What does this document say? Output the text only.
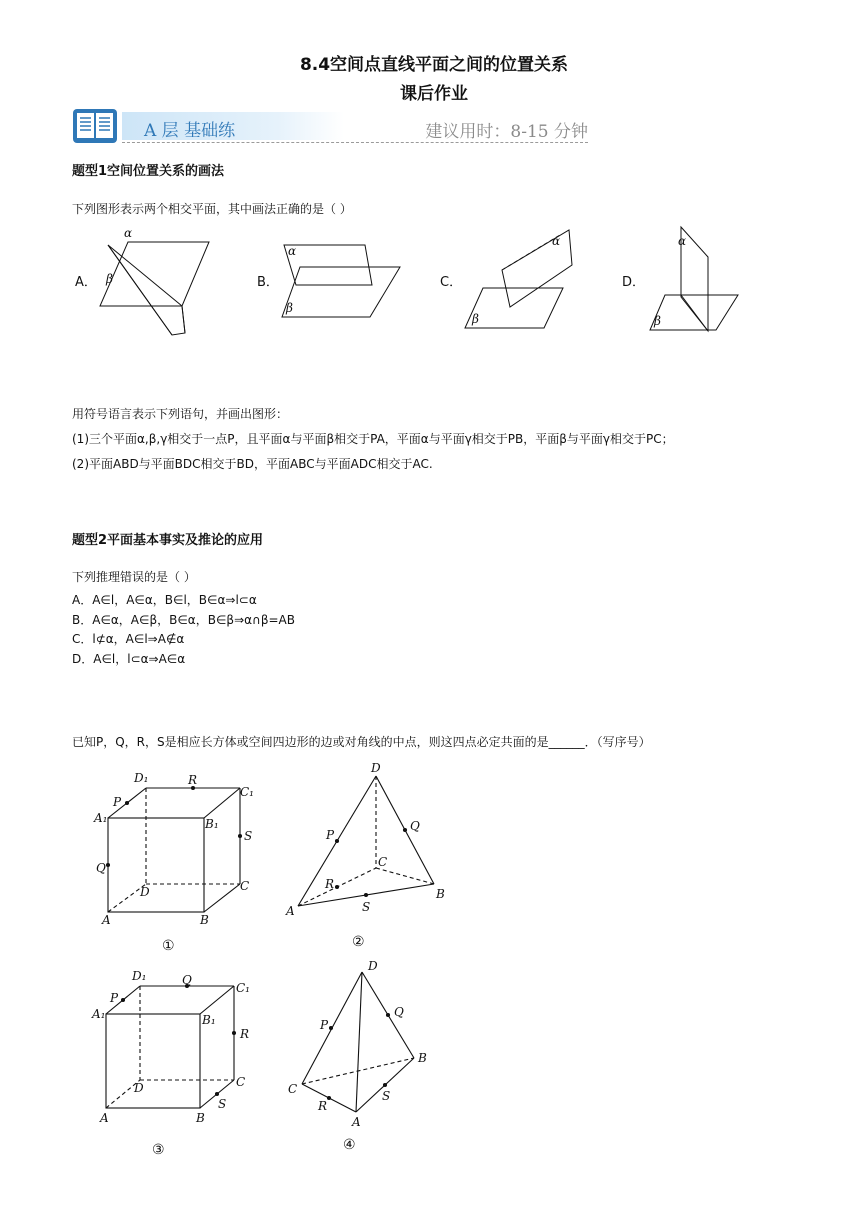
8.4空间点直线平面之间的位置关系
课后作业
A 层 基础练	建议用时：8-15 分钟
题型1空间位置关系的画法
下列图形表示两个相交平面，其中画法正确的是（ ）
A．	B．	C．	D．
α
β
α
β
α
β
α
β
用符号语言表示下列语句，并画出图形：
(1)三个平面α,β,γ相交于一点P，且平面α与平面β相交于PA，平面α与平面γ相交于PB，平面β与平面γ相交于PC；
(2)平面ABD与平面BDC相交于BD，平面ABC与平面ADC相交于AC.
题型2平面基本事实及推论的应用
下列推理错误的是（ ）
A．A∈l，A∈α，B∈l，B∈α⇒l⊂α
B．A∈α，A∈β，B∈α，B∈β⇒α∩β=AB
C．l⊄α，A∈l⇒A∉α
D．A∈l，l⊂α⇒A∈α
已知P，Q，R，S是相应长方体或空间四边形的边或对角线的中点，则这四点必定共面的是______．（写序号）
D₁	R
C₁
P
A₁	B₁
S
Q
D	C
A	B
①
D
P
Q
C
R
A
B
S
②
D₁	Q
C₁
P
A₁	B₁
R
D	C
A	B
S
③
D
P
Q
B
C	S
R
A
④
